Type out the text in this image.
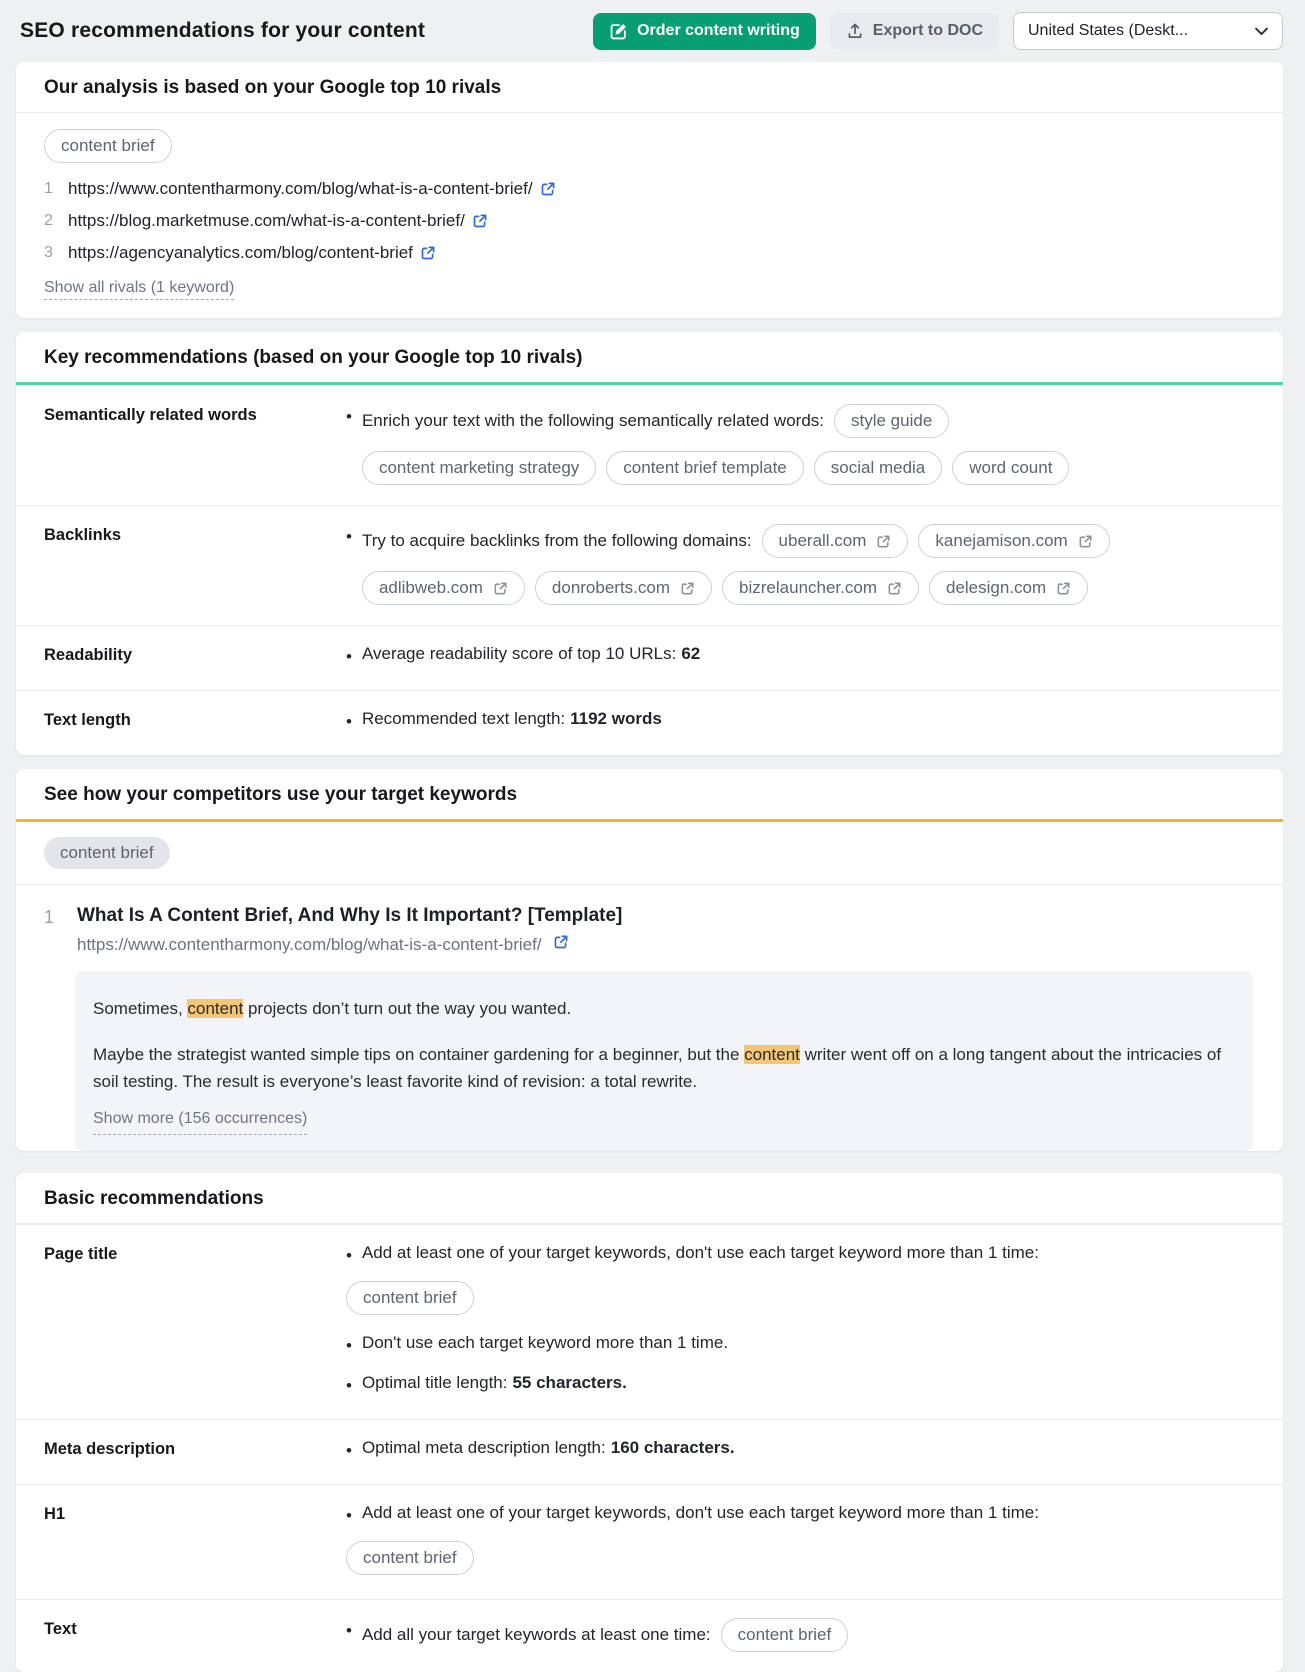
SEO recommendations for your content	Order content writing	Export to DOC	United States (Deskt...
Our analysis is based on your Google top 10 rivals
content brief
1 https://www.contentharmony.com/blog/what-is-a-content-brief/
2 https://blog.marketmuse.com/what-is-a-content-brief/
3 https://agencyanalytics.com/blog/content-brief
Show all rivals (1 keyword)
Key recommendations (based on your Google top 10 rivals)
Semantically related words	• Enrich your text with the following semantically related words:	style guide
content marketing strategy	content brief template	social media	word count
Backlinks	• Try to acquire backlinks from the following domains: uberall.com	kanejamison.com
adlibweb.com	donroberts.com	bizrelauncher.com	delesign.com
Readability	• Average readability score of top 10 URLs: 62
Text length	• Recommended text length: 1192 words
See how your competitors use your target keywords
content brief
1	What Is A Content Brief, And Why Is It Important? [Template]
https://www.contentharmony.com/blog/what-is-a-content-brief/

Sometimes, content projects don’t turn out the way you wanted.

Maybe the strategist wanted simple tips on container gardening for a beginner, but the content writer went off on a long tangent about the intricacies of soil testing. The result is everyone’s least favorite kind of revision: a total rewrite.

Show more (156 occurrences)
Basic recommendations
Page title	• Add at least one of your target keywords, don't use each target keyword more than 1 time:
content brief
• Don't use each target keyword more than 1 time.
• Optimal title length: 55 characters.
Meta description	• Optimal meta description length: 160 characters.
H1	• Add at least one of your target keywords, don't use each target keyword more than 1 time:
content brief
Text	• Add all your target keywords at least one time:	content brief
